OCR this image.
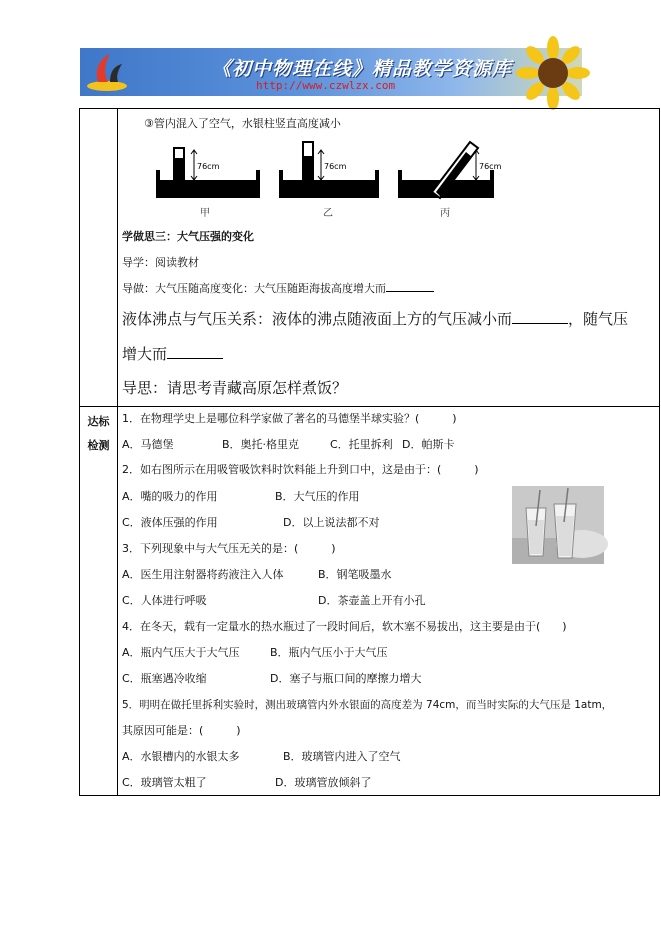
《初中物理在线》精品教学资源库
http://www.czwlzx.com
达标
检测
③管内混入了空气，水银柱竖直高度减小
76cm	76cm	76cm
甲	乙	丙
学做思三：大气压强的变化
导学：阅读教材
导做：大气压随高度变化：大气压随距海拔高度增大而
液体沸点与气压关系：液体的沸点随液面上方的气压减小而	，随气压
增大而
导思：请思考青藏高原怎样煮饭？
1．在物理学史上是哪位科学家做了著名的马德堡半球实验？(　　　)
A．马德堡	B．奥托·格里克	C．托里拆利 D．帕斯卡
2．如右图所示在用吸管吸饮料时饮料能上升到口中，这是由于：(　　　)
A．嘴的吸力的作用	B．大气压的作用
C．液体压强的作用	D．以上说法都不对
3．下列现象中与大气压无关的是：(　　　)
A．医生用注射器将药液注入人体	B．钢笔吸墨水
C．人体进行呼吸	D．茶壶盖上开有小孔
4．在冬天，载有一定量水的热水瓶过了一段时间后，软木塞不易拔出，这主要是由于(　　)
A．瓶内气压大于大气压	B．瓶内气压小于大气压
C．瓶塞遇冷收缩	D．塞子与瓶口间的摩擦力增大
5．明明在做托里拆利实验时，测出玻璃管内外水银面的高度差为 74cm，而当时实际的大气压是 1atm，
其原因可能是：(　　　)
A．水银槽内的水银太多	B．玻璃管内进入了空气
C．玻璃管太粗了	D．玻璃管放倾斜了
